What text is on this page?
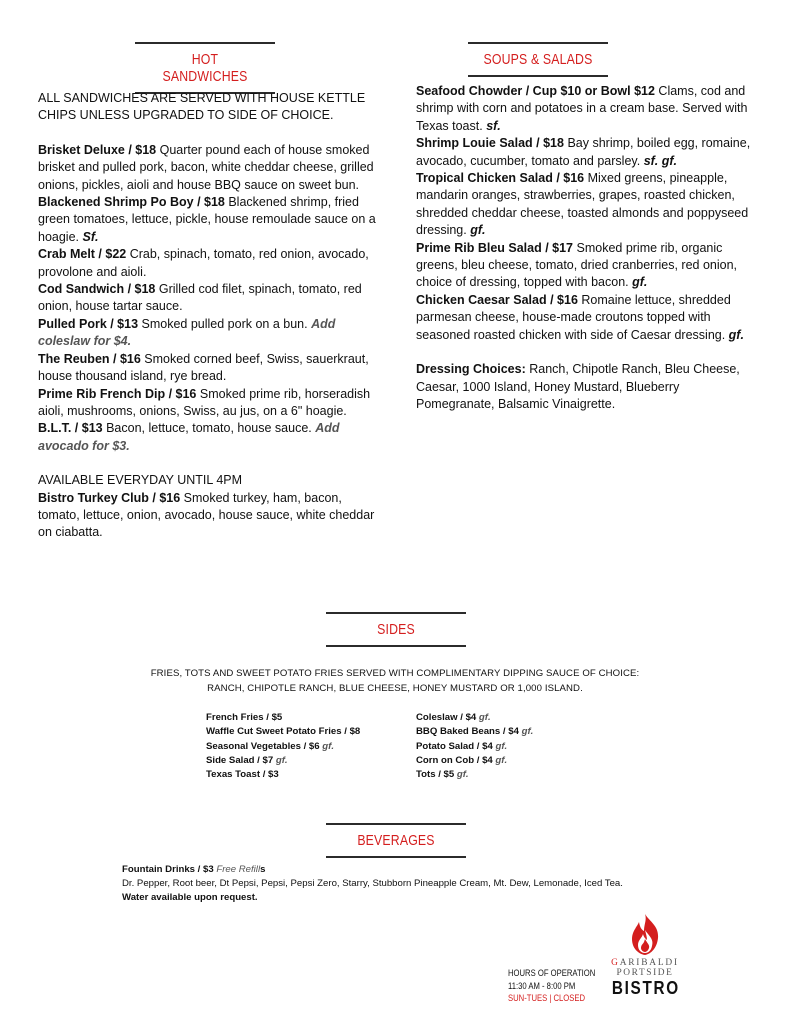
HOT SANDWICHES
SOUPS & SALADS

ALL SANDWICHES ARE SERVED WITH HOUSE KETTLE CHIPS UNLESS UPGRADED TO SIDE OF CHOICE.

Brisket Deluxe / $18 Quarter pound each of house smoked brisket and pulled pork, bacon, white cheddar cheese, grilled onions, pickles, aioli and house BBQ sauce on sweet bun.

Blackened Shrimp Po Boy / $18 Blackened shrimp, fried green tomatoes, lettuce, pickle, house remoulade sauce on a hoagie. Sf.

Crab Melt / $22 Crab, spinach, tomato, red onion, avocado, provolone and aioli.

Cod Sandwich / $18 Grilled cod filet, spinach, tomato, red onion, house tartar sauce.

Pulled Pork / $13 Smoked pulled pork on a bun. Add coleslaw for $4.

The Reuben / $16 Smoked corned beef, Swiss, sauerkraut, house thousand island, rye bread.

Prime Rib French Dip / $16 Smoked prime rib, horseradish aioli, mushrooms, onions, Swiss, au jus, on a 6" hoagie.

B.L.T. / $13 Bacon, lettuce, tomato, house sauce. Add avocado for $3.

AVAILABLE EVERYDAY UNTIL 4PM

Bistro Turkey Club / $16 Smoked turkey, ham, bacon, tomato, lettuce, onion, avocado, house sauce, white cheddar on ciabatta.

Seafood Chowder / Cup $10 or Bowl $12 Clams, cod and shrimp with corn and potatoes in a cream base. Served with Texas toast. sf.

Shrimp Louie Salad / $18 Bay shrimp, boiled egg, romaine, avocado, cucumber, tomato and parsley. sf. gf.

Tropical Chicken Salad / $16 Mixed greens, pineapple, mandarin oranges, strawberries, grapes, roasted chicken, shredded cheddar cheese, toasted almonds and poppyseed dressing. gf.

Prime Rib Bleu Salad / $17 Smoked prime rib, organic greens, bleu cheese, tomato, dried cranberries, red onion, choice of dressing, topped with bacon. gf.

Chicken Caesar Salad / $16 Romaine lettuce, shredded parmesan cheese, house-made croutons topped with seasoned roasted chicken with side of Caesar dressing. gf.

Dressing Choices: Ranch, Chipotle Ranch, Bleu Cheese, Caesar, 1000 Island, Honey Mustard, Blueberry Pomegranate, Balsamic Vinaigrette.

SIDES
FRIES, TOTS AND SWEET POTATO FRIES SERVED WITH COMPLIMENTARY DIPPING SAUCE OF CHOICE:
RANCH, CHIPOTLE RANCH, BLUE CHEESE, HONEY MUSTARD OR 1,000 ISLAND.
French Fries / $5
Waffle Cut Sweet Potato Fries / $8
Seasonal Vegetables / $6 gf.
Side Salad / $7 gf.
Texas Toast / $3
Coleslaw / $4 gf.
BBQ Baked Beans / $4 gf.
Potato Salad / $4 gf.
Corn on Cob / $4 gf.
Tots / $5 gf.
BEVERAGES
Fountain Drinks / $3 Free Refills
Dr. Pepper, Root beer, Dt Pepsi, Pepsi, Pepsi Zero, Starry, Stubborn Pineapple Cream, Mt. Dew, Lemonade, Iced Tea.
Water available upon request.
HOURS OF OPERATION
11:30 AM - 8:00 PM
SUN-TUES | CLOSED
GARIBALDI
PORTSIDE
BISTRO
